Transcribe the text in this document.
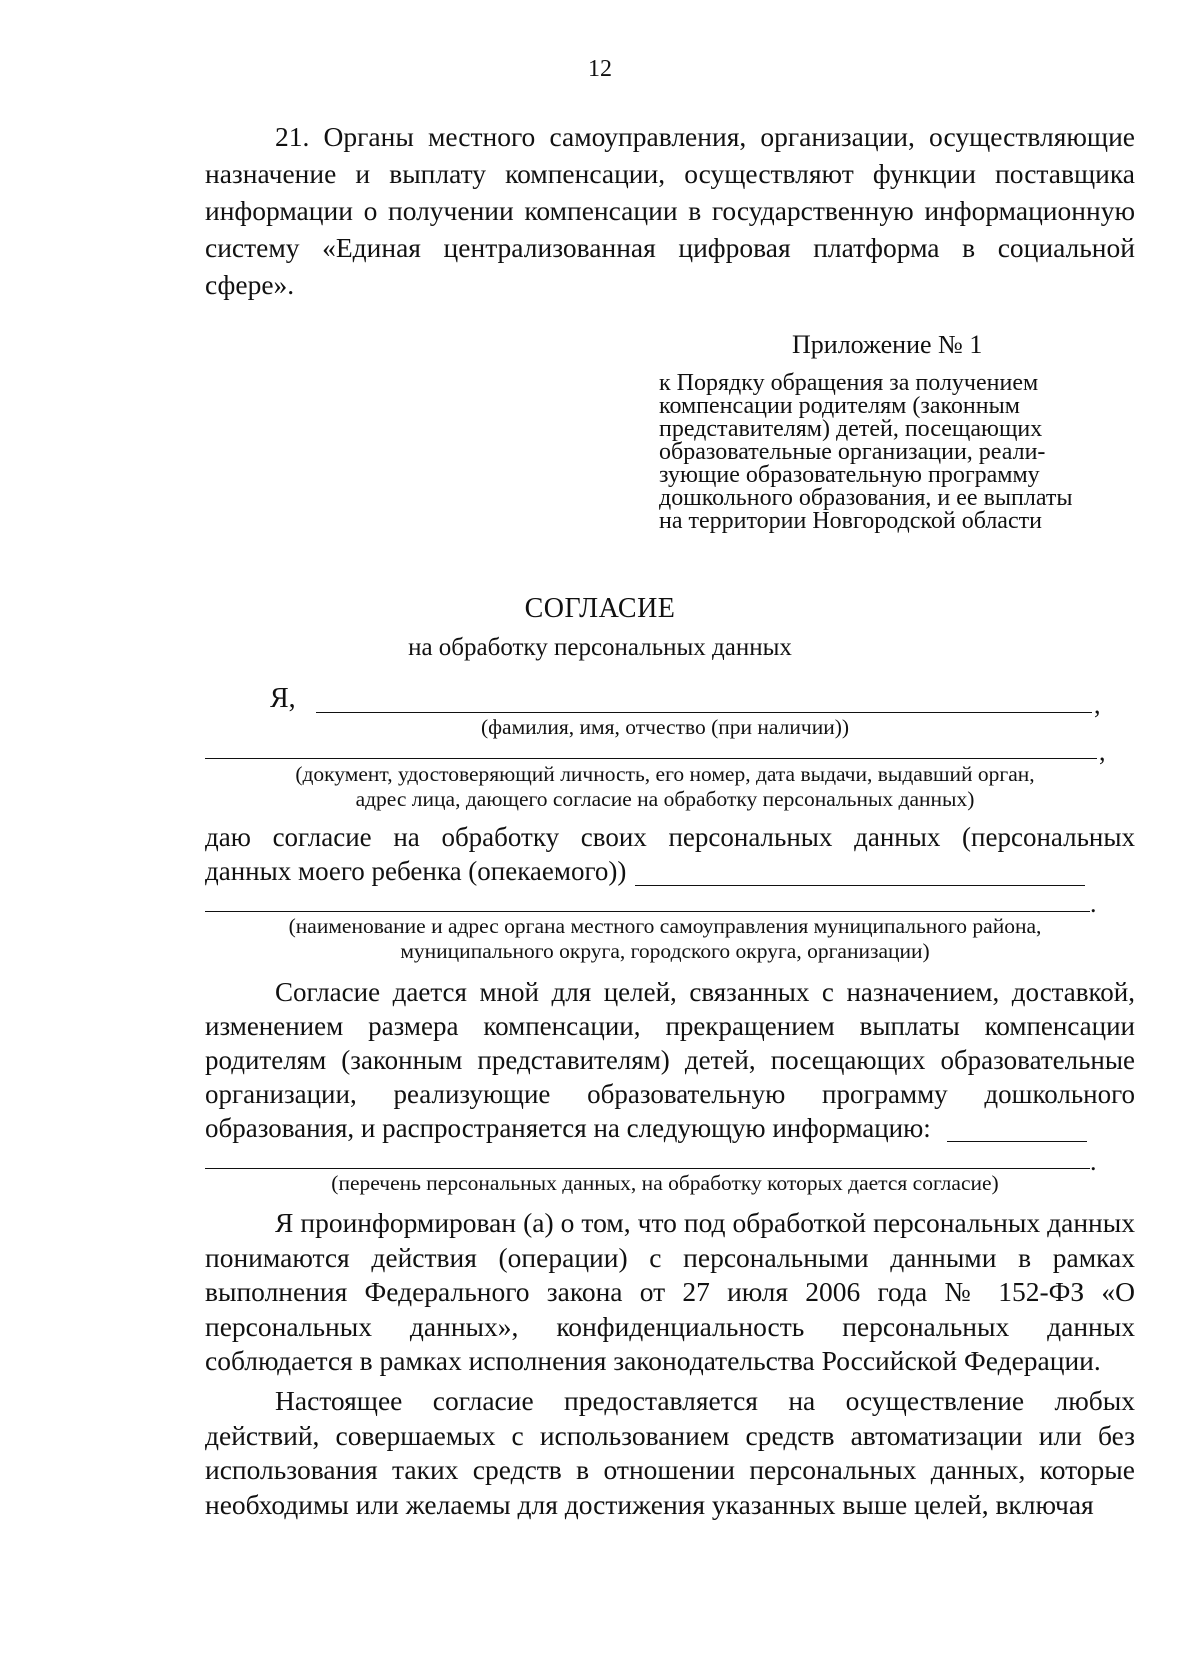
12

21. Органы местного самоуправления, организации, осуществляющие назначение и выплату компенсации, осуществляют функции поставщика информации о получении компенсации в государственную информационную систему «Единая централизованная цифровая платформа в социальной сфере».

Приложение № 1

к Порядку обращения за получением
компенсации родителям (законным
представителям) детей, посещающих
образовательные организации, реали-
зующие образовательную программу
дошкольного образования, и ее выплаты
на территории Новгородской области

СОГЛАСИЕ
на обработку персональных данных
Я,	,

(фамилия, имя, отчество (при наличии))

,

(документ, удостоверяющий личность, его номер, дата выдачи, выдавший орган,
адрес лица, дающего согласие на обработку персональных данных)

даю согласие на обработку своих персональных данных (персональных
данных моего ребенка (опекаемого))
.

(наименование и адрес органа местного самоуправления муниципального района,
муниципального округа, городского округа, организации)

Согласие дается мной для целей, связанных с назначением, доставкой,
изменением размера компенсации, прекращением выплаты компенсации
родителям (законным представителям) детей, посещающих образовательные
организации, реализующие образовательную программу дошкольного
образования, и распространяется на следующую информацию:
.

(перечень персональных данных, на обработку которых дается согласие)

Я проинформирован (а) о том, что под обработкой персональных данных понимаются действия (операции) с персональными данными в рамках выполнения Федерального закона от 27 июля 2006 года № 152-ФЗ «О персональных данных», конфиденциальность персональных данных соблюдается в рамках исполнения законодательства Российской Федерации.

Настоящее согласие предоставляется на осуществление любых действий, совершаемых с использованием средств автоматизации или без использования таких средств в отношении персональных данных, которые необходимы или желаемы для достижения указанных выше целей, включая
